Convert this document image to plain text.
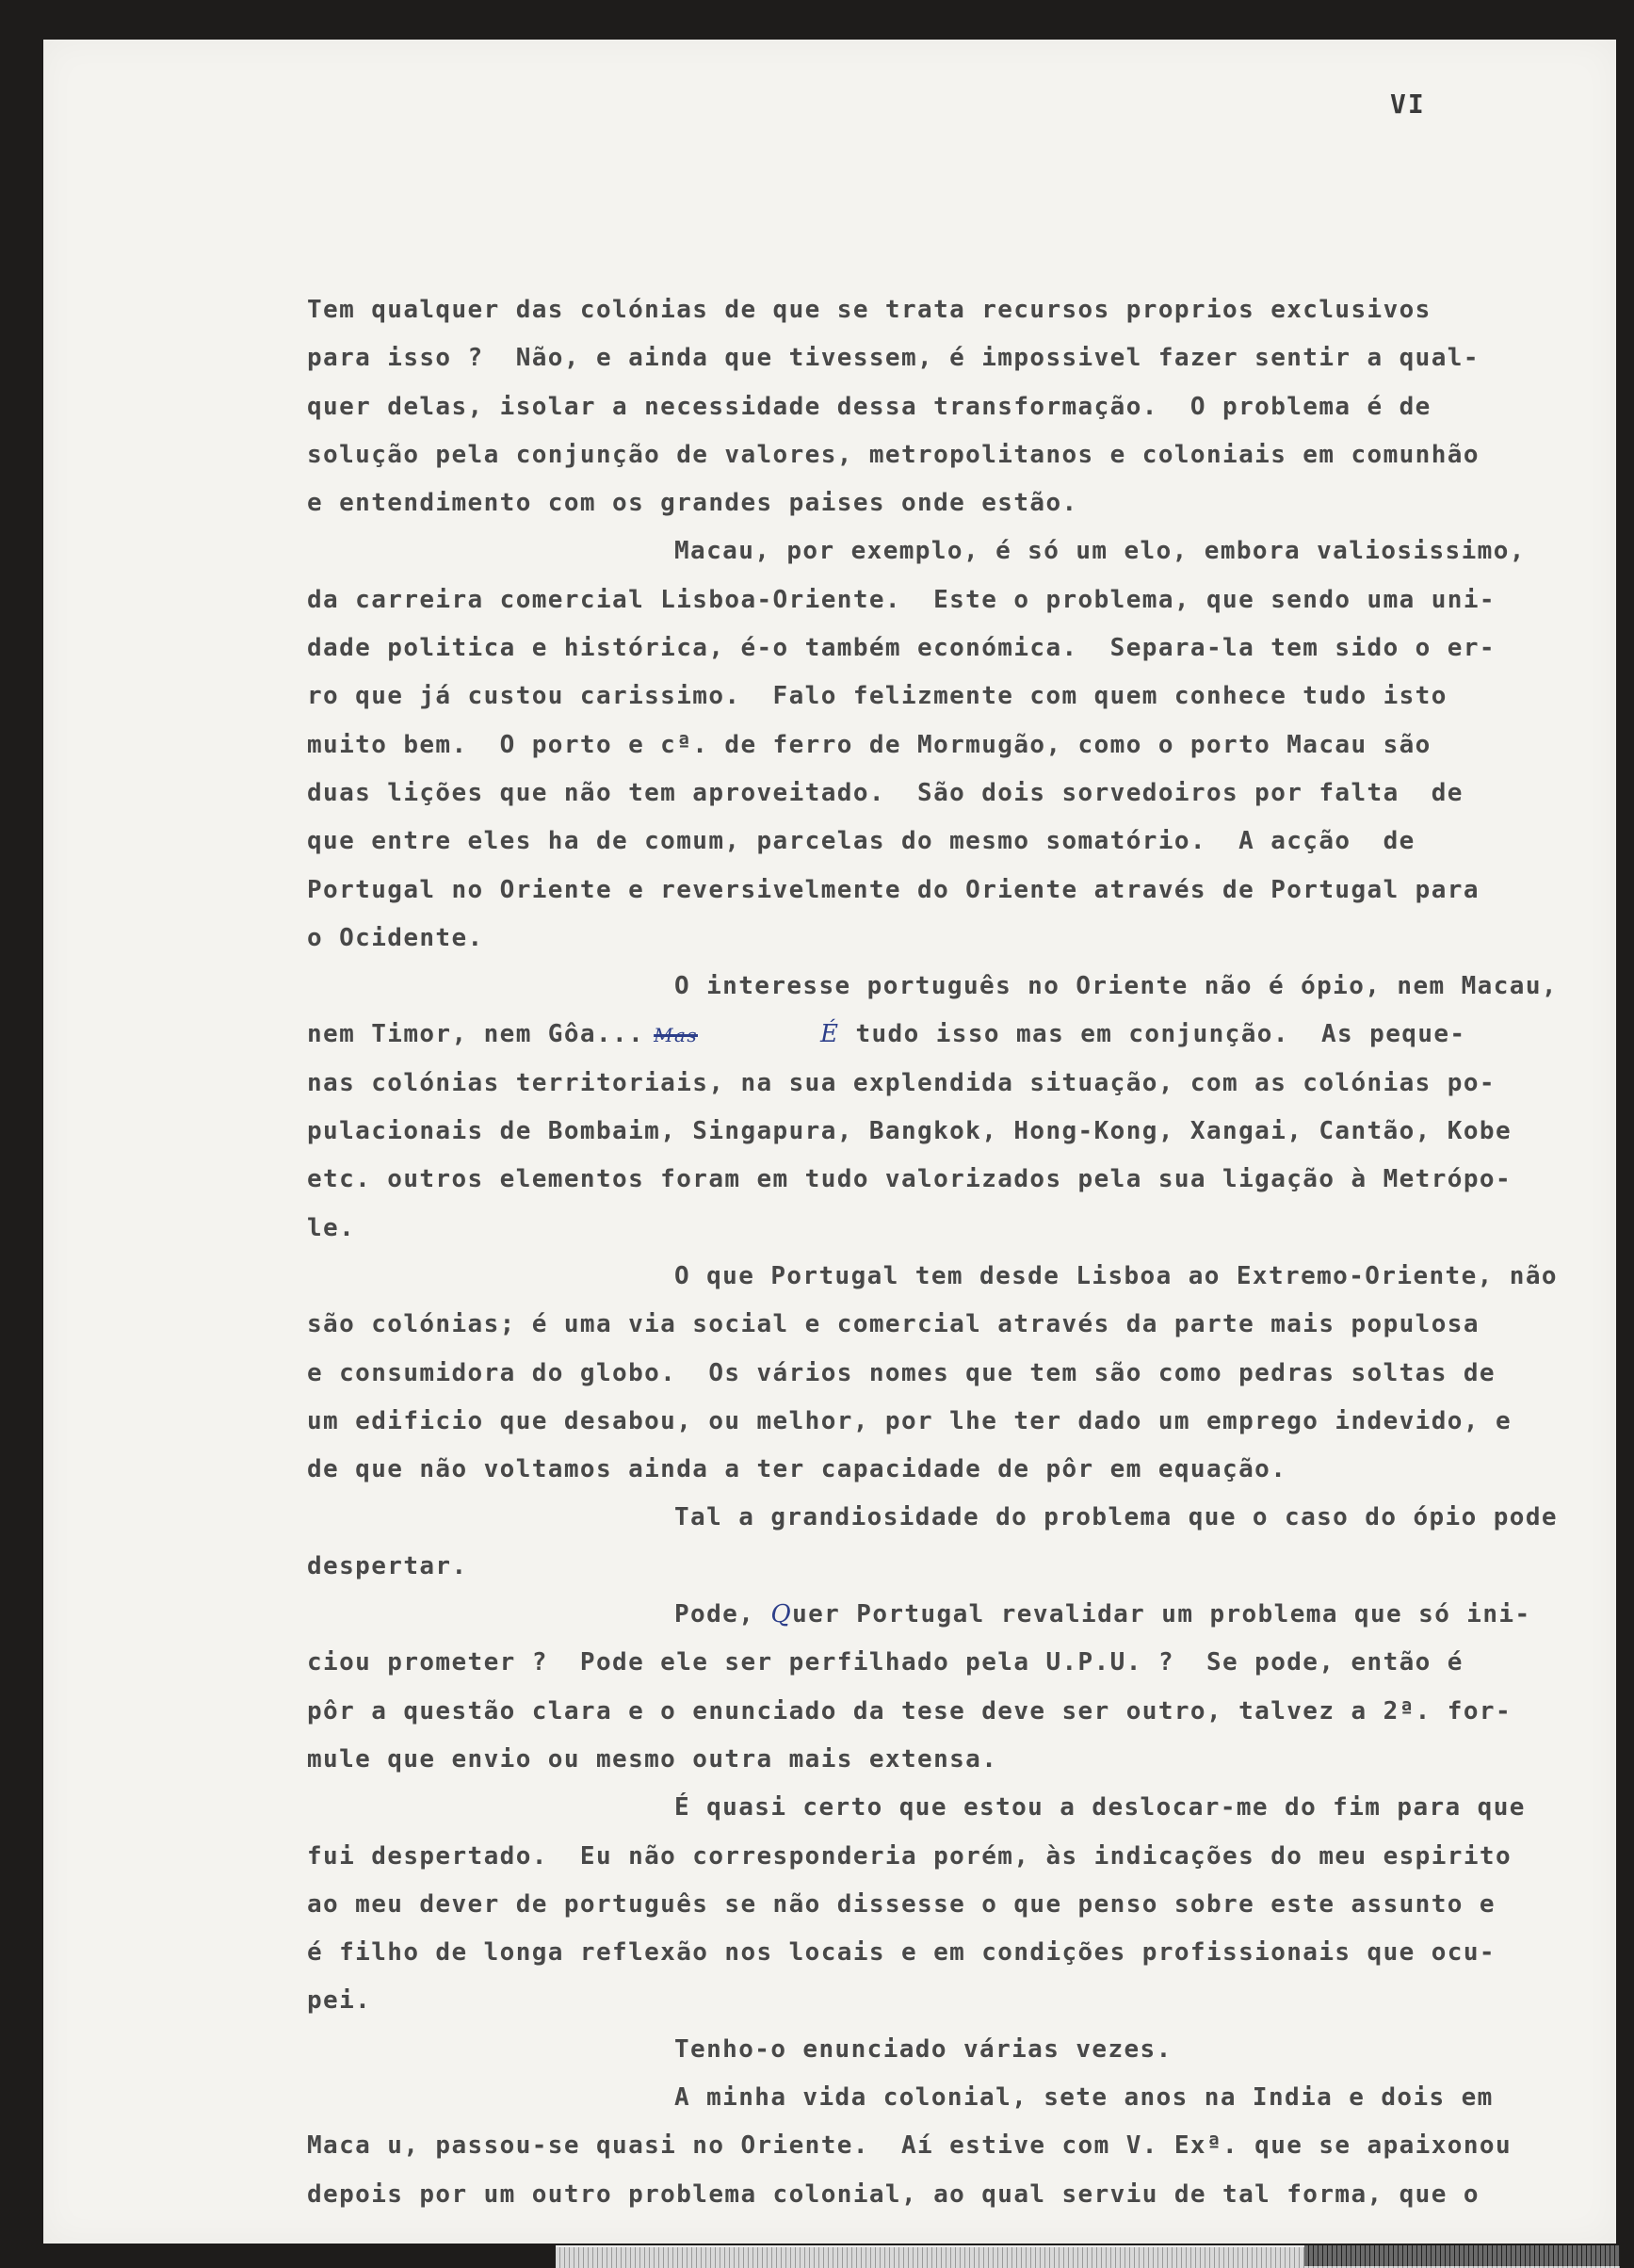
VI
Tem qualquer das colónias de que se trata recursos proprios exclusivos
para isso ?  Não, e ainda que tivessem, é impossivel fazer sentir a qual-
quer delas, isolar a necessidade dessa transformação.  O problema é de
solução pela conjunção de valores, metropolitanos e coloniais em comunhão
e entendimento com os grandes paises onde estão.
Macau, por exemplo, é só um elo, embora valiosissimo,
da carreira comercial Lisboa-Oriente.  Este o problema, que sendo uma uni-
dade politica e histórica, é-o também económica.  Separa-la tem sido o er-
ro que já custou carissimo.  Falo felizmente com quem conhece tudo isto
muito bem.  O porto e cª. de ferro de Mormugão, como o porto Macau são
duas lições que não tem aproveitado.  São dois sorvedoiros por falta  de
que entre eles ha de comum, parcelas do mesmo somatório.  A acção  de
Portugal no Oriente e reversivelmente do Oriente através de Portugal para
o Ocidente.
O interesse português no Oriente não é ópio, nem Macau,
nem Timor, nem Gôa... Mas	É tudo isso mas em conjunção.  As peque-
nas colónias territoriais, na sua explendida situação, com as colónias po-
pulacionais de Bombaim, Singapura, Bangkok, Hong-Kong, Xangai, Cantão, Kobe
etc. outros elementos foram em tudo valorizados pela sua ligação à Metrópo-
le.
O que Portugal tem desde Lisboa ao Extremo-Oriente, não
são colónias; é uma via social e comercial através da parte mais populosa
e consumidora do globo.  Os vários nomes que tem são como pedras soltas de
um edificio que desabou, ou melhor, por lhe ter dado um emprego indevido, e
de que não voltamos ainda a ter capacidade de pôr em equação.
Tal a grandiosidade do problema que o caso do ópio pode
despertar.
Pode, Quer Portugal revalidar um problema que só ini-
ciou prometer ?  Pode ele ser perfilhado pela U.P.U. ?  Se pode, então é
pôr a questão clara e o enunciado da tese deve ser outro, talvez a 2ª. for-
mule que envio ou mesmo outra mais extensa.
É quasi certo que estou a deslocar-me do fim para que
fui despertado.  Eu não corresponderia porém, às indicações do meu espirito
ao meu dever de português se não dissesse o que penso sobre este assunto e
é filho de longa reflexão nos locais e em condições profissionais que ocu-
pei.
Tenho-o enunciado várias vezes.
A minha vida colonial, sete anos na India e dois em
Maca u, passou-se quasi no Oriente.  Aí estive com V. Exª. que se apaixonou
depois por um outro problema colonial, ao qual serviu de tal forma, que o
